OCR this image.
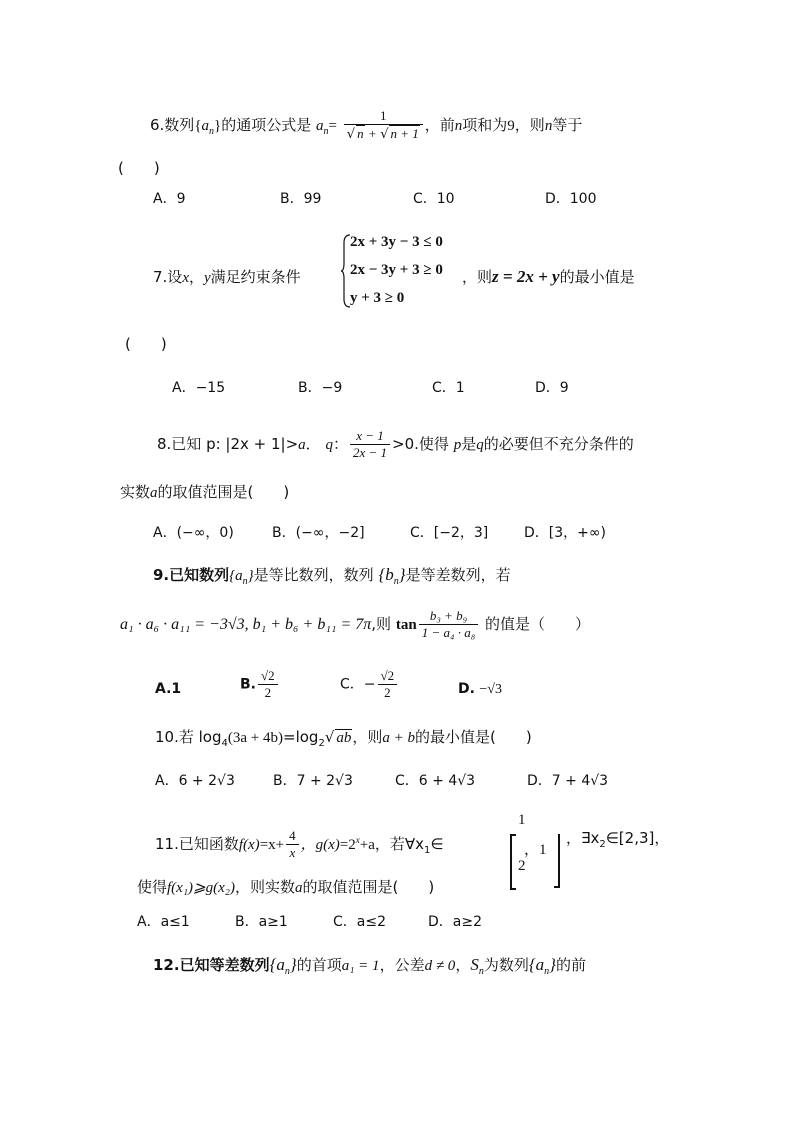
6.数列$\{a_n\}$的通项公式是 $a_n= \frac{1}{√ n + √ n + 1}$ ，前n项和为9，则n等于
(　　)
A．9	B．99	C．10	D．100
7.设x，y满足约束条件
2x + 3y − 3 ≤ 0
2x − 3y + 3 ≥ 0
y + 3 ≥ 0
，则z = 2x + y的最小值是
(　　)
A．−15	B．−9	C．1	D．9
8.已知 p: |2x + 1|>a． q： $\frac{x - 1}{2x - 1} >0$.使得 p是q的必要但不充分条件的
实数a的取值范围是(　　)
A．(−∞，0)	B．(−∞，−2]	C．[−2，3]	D．[3，+∞)
9.已知数列$\{a_n\}$是等比数列，数列 $\{b_n\}$是等差数列，若
a₁ · a₆ · a₁₁ = −3√3, b₁ + b₆ + b₁₁ = 7π,则 $\tan \frac{\text{b₃ + b₉}}{\text{1 − a₄ · a₈}}$ 的值是（　　）
A.1	B. $\frac{√2}{2}$	C．− $\frac{√2}{2}$	D. −√3
10.若 $\log_4(3a + 4b)=\log_2√$ ab，则a + b的最小值是(　　)
A．6 + 2√3	B．7 + 2√3	C．6 + 4√3	D．7 + 4√3
11.已知函数$f(x)=x+ \frac{4}{x}$ ，$g(x)=2^x+a$，若$\forall x_1\in$
1
2
，1
，$\exists x_2\in[2,3]$，
使得f(x₁)⩾g(x₂)，则实数a的取值范围是(　　)
A．a≤1	B．a≥1	C．a≤2	D．a≥2
12.已知等差数列$\{a_n\}$的首项a₁ = 1，公差d ≠ 0，$S_n$为数列$\{a_n\}$的前
